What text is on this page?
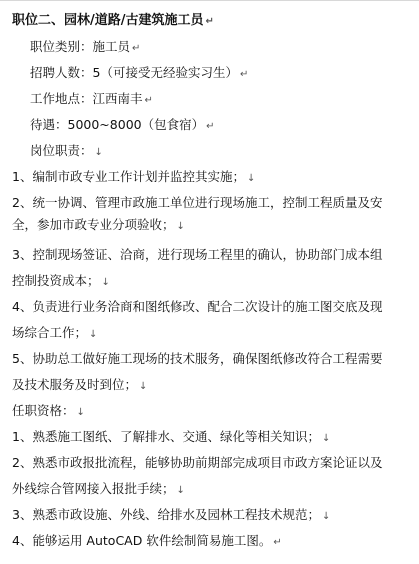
职位二、园林/道路/古建筑施工员 ↵
职位类别：施工员 ↵
招聘人数：5（可接受无经验实习生） ↵
工作地点：江西南丰 ↵
待遇：5000~8000（包食宿） ↵
岗位职责： ↓
1、编制市政专业工作计划并监控其实施； ↓
2、统一协调、管理市政施工单位进行现场施工，控制工程质量及安
全，参加市政专业分项验收； ↓
3、控制现场签证、洽商，进行现场工程里的确认，协助部门成本组
控制投资成本； ↓
4、负责进行业务洽商和图纸修改、配合二次设计的施工图交底及现
场综合工作； ↓
5、协助总工做好施工现场的技术服务，确保图纸修改符合工程需要
及技术服务及时到位； ↓
任职资格： ↓
1、熟悉施工图纸、了解排水、交通、绿化等相关知识； ↓
2、熟悉市政报批流程，能够协助前期部完成项目市政方案论证以及
外线综合管网接入报批手续； ↓
3、熟悉市政设施、外线、给排水及园林工程技术规范； ↓
4、能够运用 AutoCAD 软件绘制简易施工图。 ↵
